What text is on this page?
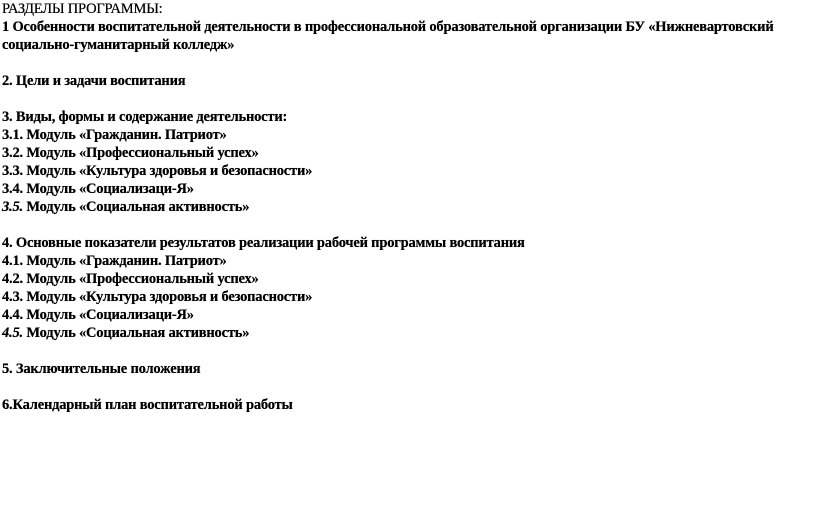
РАЗДЕЛЫ ПРОГРАММЫ:
1 Особенности воспитательной деятельности в профессиональной образовательной организации БУ «Нижневартовский социально-гуманитарный колледж»
2. Цели и задачи воспитания
3. Виды, формы и содержание деятельности:
3.1. Модуль «Гражданин. Патриот»
3.2. Модуль «Профессиональный успех»
3.3. Модуль «Культура здоровья и безопасности»
3.4. Модуль «Социализаци-Я»
3.5. Модуль «Социальная активность»
4. Основные показатели результатов реализации рабочей программы воспитания
4.1. Модуль «Гражданин. Патриот»
4.2. Модуль «Профессиональный успех»
4.3. Модуль «Культура здоровья и безопасности»
4.4. Модуль «Социализаци-Я»
4.5. Модуль «Социальная активность»
5. Заключительные положения
6.Календарный план воспитательной работы
